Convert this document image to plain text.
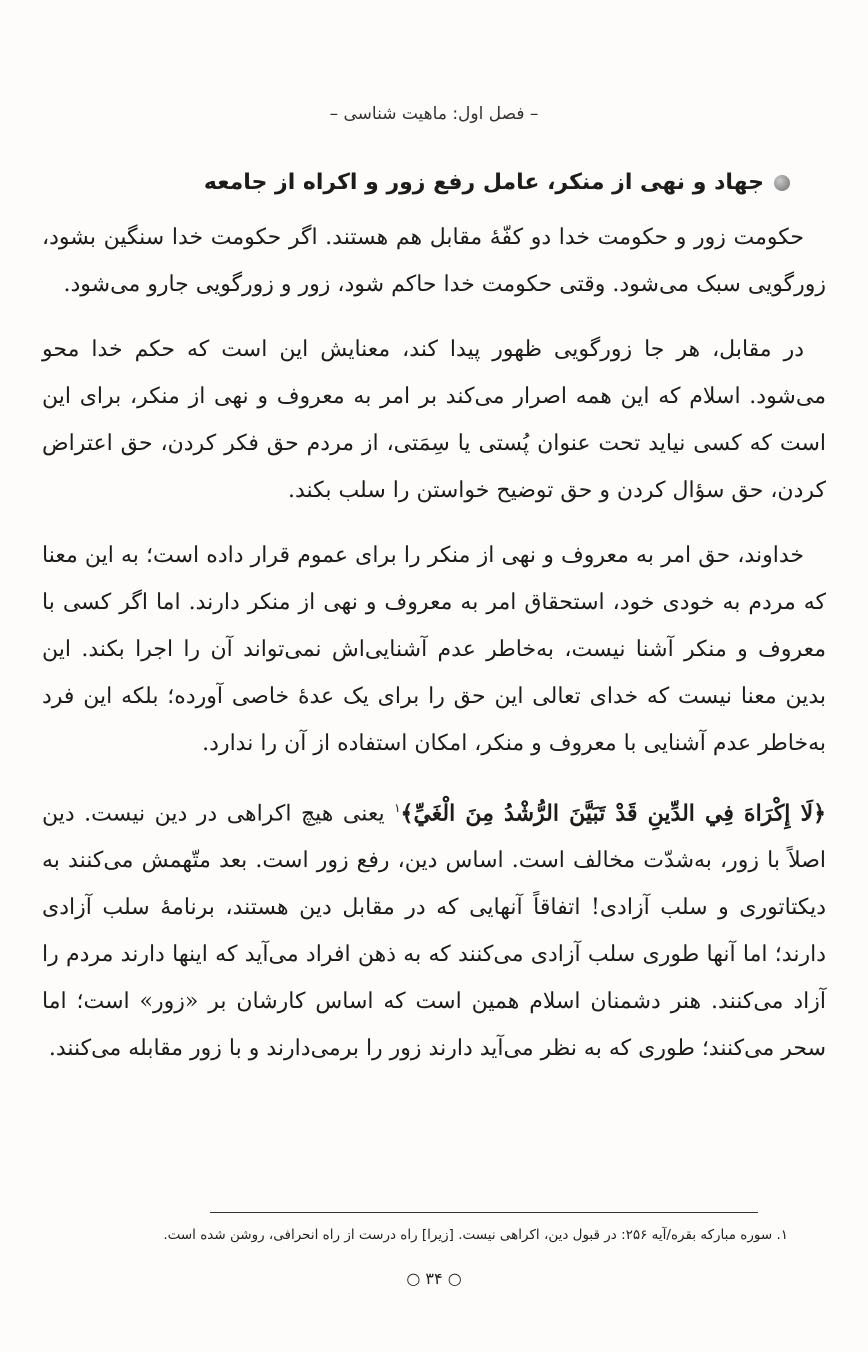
– فصل اول: ماهیت شناسی –
جهاد و نهی از منکر، عامل رفع زور و اکراه از جامعه

حکومت زور و حکومت خدا دو کفّهٔ مقابل هم هستند. اگر حکومت خدا سنگین بشود، زورگویی سبک می‌شود. وقتی حکومت خدا حاکم شود، زور و زورگویی جارو می‌شود.

در مقابل، هر جا زورگویی ظهور پیدا کند، معنایش این است که حکم خدا محو می‌شود. اسلام که این همه اصرار می‌کند بر امر به معروف و نهی از منکر، برای این است که کسی نیاید تحت عنوان پُستی یا سِمَتی، از مردم حق فکر کردن، حق اعتراض کردن، حق سؤال کردن و حق توضیح خواستن را سلب بکند.

خداوند، حق امر به معروف و نهی از منکر را برای عموم قرار داده است؛ به این معنا که مردم به خودی خود، استحقاق امر به معروف و نهی از منکر دارند. اما اگر کسی با معروف و منکر آشنا نیست، به‌خاطر عدم آشنایی‌اش نمی‌تواند آن را اجرا بکند. این بدین معنا نیست که خدای تعالی این حق را برای یک عدهٔ خاصی آورده؛ بلکه این فرد به‌خاطر عدم آشنایی با معروف و منکر، امکان استفاده از آن را ندارد.

﴿لَا إِكْرَاهَ فِي الدِّينِ قَدْ تَبَيَّنَ الرُّشْدُ مِنَ الْغَيِّ﴾$^۱$ یعنی هیچ اکراهی در دین نیست. دین اصلاً با زور، به‌شدّت مخالف است. اساس دین، رفع زور است. بعد متّهمش می‌کنند به دیکتاتوری و سلب آزادی! اتفاقاً آنهایی که در مقابل دین هستند، برنامهٔ سلب آزادی دارند؛ اما آنها طوری سلب آزادی می‌کنند که به ذهن افراد می‌آید که اینها دارند مردم را آزاد می‌کنند. هنر دشمنان اسلام همین است که اساس کارشان بر «زور» است؛ اما سحر می‌کنند؛ طوری که به نظر می‌آید دارند زور را برمی‌دارند و با زور مقابله می‌کنند.

۱. سوره مبارکه بقره/آیه ۲۵۶: در قبول دین، اکراهی نیست. [زیرا] راه درست از راه انحرافی، روشن شده است.
○ ۳۴ ○
